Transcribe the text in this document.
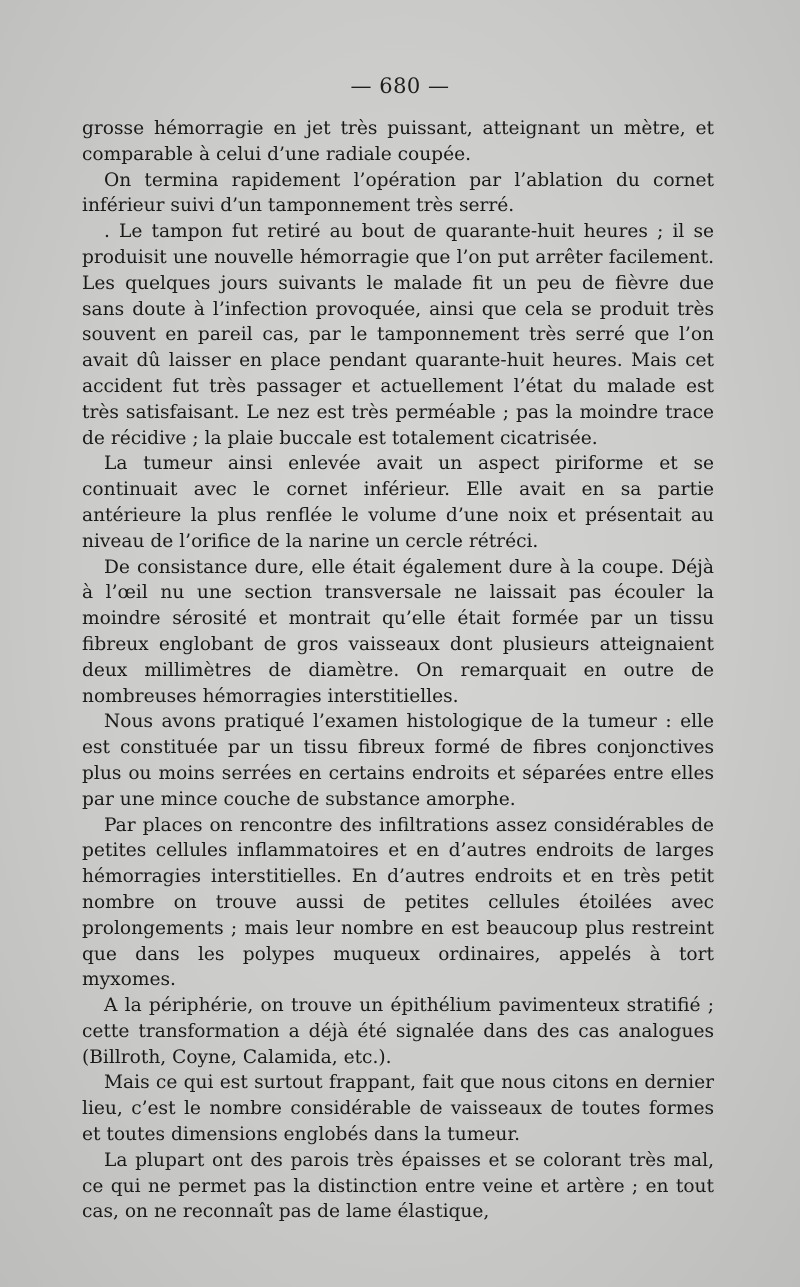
— 680 —

grosse hémorragie en jet très puissant, atteignant un mètre, et comparable à celui d’une radiale coupée.

On termina rapidement l’opération par l’ablation du cornet inférieur suivi d’un tamponnement très serré.

. Le tampon fut retiré au bout de quarante-huit heures ; il se produisit une nouvelle hémorragie que l’on put arrêter facilement. Les quelques jours suivants le malade fit un peu de fièvre due sans doute à l’infection provoquée, ainsi que cela se produit très souvent en pareil cas, par le tamponnement très serré que l’on avait dû laisser en place pendant quarante-huit heures. Mais cet accident fut très passager et actuellement l’état du malade est très satisfaisant. Le nez est très perméable ; pas la moindre trace de récidive ; la plaie buccale est totalement cicatrisée.

La tumeur ainsi enlevée avait un aspect piriforme et se continuait avec le cornet inférieur. Elle avait en sa partie antérieure la plus renflée le volume d’une noix et présentait au niveau de l’orifice de la narine un cercle rétréci.

De consistance dure, elle était également dure à la coupe. Déjà à l’œil nu une section transversale ne laissait pas écouler la moindre sérosité et montrait qu’elle était formée par un tissu fibreux englobant de gros vaisseaux dont plusieurs atteignaient deux millimètres de diamètre. On remarquait en outre de nombreuses hémorragies interstitielles.

Nous avons pratiqué l’examen histologique de la tumeur : elle est constituée par un tissu fibreux formé de fibres conjonctives plus ou moins serrées en certains endroits et séparées entre elles par une mince couche de substance amorphe.

Par places on rencontre des infiltrations assez considérables de petites cellules inflammatoires et en d’autres endroits de larges hémorragies interstitielles. En d’autres endroits et en très petit nombre on trouve aussi de petites cellules étoilées avec prolongements ; mais leur nombre en est beaucoup plus restreint que dans les polypes muqueux ordinaires, appelés à tort myxomes.

A la périphérie, on trouve un épithélium pavimenteux stratifié ; cette transformation a déjà été signalée dans des cas analogues (Billroth, Coyne, Calamida, etc.).

Mais ce qui est surtout frappant, fait que nous citons en dernier lieu, c’est le nombre considérable de vaisseaux de toutes formes et toutes dimensions englobés dans la tumeur.

La plupart ont des parois très épaisses et se colorant très mal, ce qui ne permet pas la distinction entre veine et artère ; en tout cas, on ne reconnaît pas de lame élastique,
